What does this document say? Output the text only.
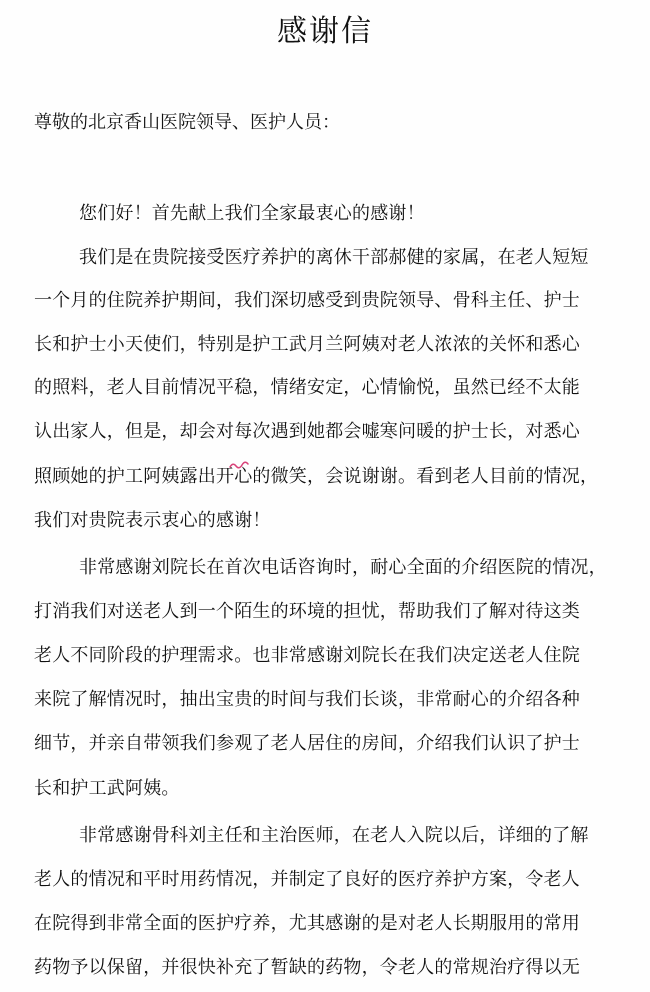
感谢信
尊敬的北京香山医院领导、医护人员：
您们好！首先献上我们全家最衷心的感谢！
我们是在贵院接受医疗养护的离休干部郝健的家属，在老人短短
一个月的住院养护期间，我们深切感受到贵院领导、骨科主任、护士
长和护士小天使们，特别是护工武月兰阿姨对老人浓浓的关怀和悉心
的照料，老人目前情况平稳，情绪安定，心情愉悦，虽然已经不太能
认出家人，但是，却会对每次遇到她都会嘘寒问暖的护士长，对悉心
照顾她的护工阿姨露出开心的微笑，会说谢谢。看到老人目前的情况，
我们对贵院表示衷心的感谢！
非常感谢刘院长在首次电话咨询时，耐心全面的介绍医院的情况，
打消我们对送老人到一个陌生的环境的担忧，帮助我们了解对待这类
老人不同阶段的护理需求。也非常感谢刘院长在我们决定送老人住院
来院了解情况时，抽出宝贵的时间与我们长谈，非常耐心的介绍各种
细节，并亲自带领我们参观了老人居住的房间，介绍我们认识了护士
长和护工武阿姨。
非常感谢骨科刘主任和主治医师，在老人入院以后，详细的了解
老人的情况和平时用药情况，并制定了良好的医疗养护方案，令老人
在院得到非常全面的医护疗养，尤其感谢的是对老人长期服用的常用
药物予以保留，并很快补充了暂缺的药物，令老人的常规治疗得以无
